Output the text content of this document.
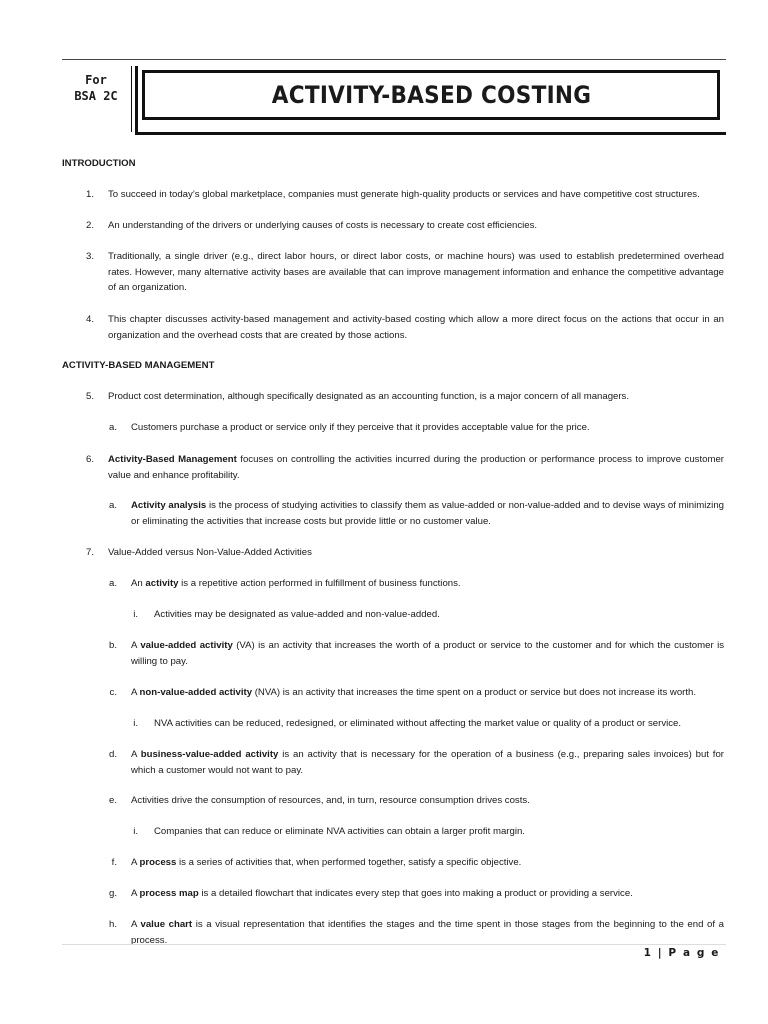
For
BSA 2C	ACTIVITY-BASED COSTING
INTRODUCTION
1. To succeed in today’s global marketplace, companies must generate high-quality products or services and have competitive cost structures.
2. An understanding of the drivers or underlying causes of costs is necessary to create cost efficiencies.
3. Traditionally, a single driver (e.g., direct labor hours, or direct labor costs, or machine hours) was used to establish predetermined overhead rates. However, many alternative activity bases are available that can improve management information and enhance the competitive advantage of an organization.
4. This chapter discusses activity-based management and activity-based costing which allow a more direct focus on the actions that occur in an organization and the overhead costs that are created by those actions.
ACTIVITY-BASED MANAGEMENT
5. Product cost determination, although specifically designated as an accounting function, is a major concern of all managers.
a. Customers purchase a product or service only if they perceive that it provides acceptable value for the price.
6. Activity-Based Management focuses on controlling the activities incurred during the production or performance process to improve customer value and enhance profitability.
a. Activity analysis is the process of studying activities to classify them as value-added or non-value-added and to devise ways of minimizing or eliminating the activities that increase costs but provide little or no customer value.
7. Value-Added versus Non-Value-Added Activities
a. An activity is a repetitive action performed in fulfillment of business functions.
i. Activities may be designated as value-added and non-value-added.
b. A value-added activity (VA) is an activity that increases the worth of a product or service to the customer and for which the customer is willing to pay.
c. A non-value-added activity (NVA) is an activity that increases the time spent on a product or service but does not increase its worth.
i. NVA activities can be reduced, redesigned, or eliminated without affecting the market value or quality of a product or service.
d. A business-value-added activity is an activity that is necessary for the operation of a business (e.g., preparing sales invoices) but for which a customer would not want to pay.
e. Activities drive the consumption of resources, and, in turn, resource consumption drives costs.
i. Companies that can reduce or eliminate NVA activities can obtain a larger profit margin.
f. A process is a series of activities that, when performed together, satisfy a specific objective.
g. A process map is a detailed flowchart that indicates every step that goes into making a product or providing a service.
h. A value chart is a visual representation that identifies the stages and the time spent in those stages from the beginning to the end of a process.
1 | P a g e
